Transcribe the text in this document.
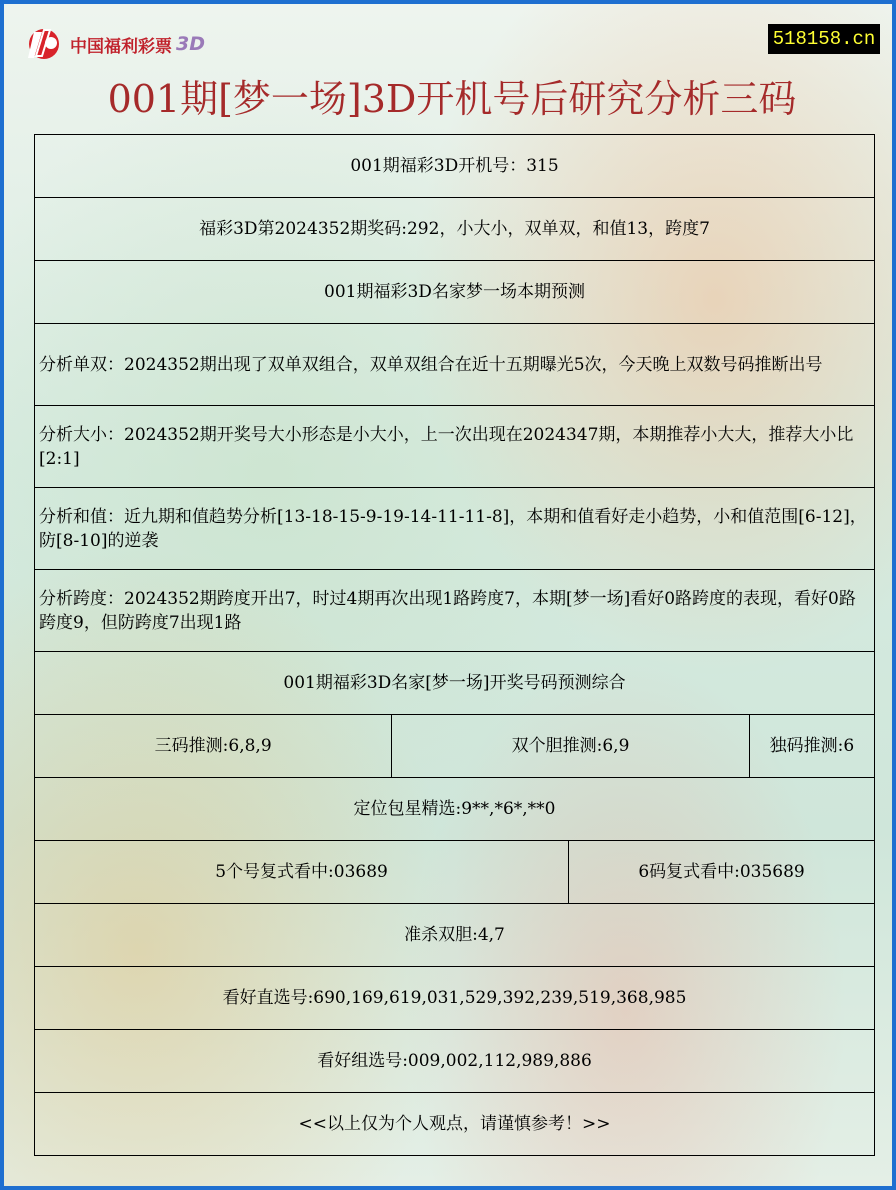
中国福利彩票 3D	518158.cn
001期[梦一场]3D开机号后研究分析三码
001期福彩3D开机号：315			
福彩3D第2024352期奖码:292，小大小，双单双，和值13，跨度7			
001期福彩3D名家梦一场本期预测			
分析单双：2024352期出现了双单双组合，双单双组合在近十五期曝光5次，今天晚上双数号码推断出号			
分析大小：2024352期开奖号大小形态是小大小，上一次出现在2024347期，本期推荐小大大，推荐大小比[2:1]			
分析和值：近九期和值趋势分析[13-18-15-9-19-14-11-11-8]，本期和值看好走小趋势，小和值范围[6-12]，防[8-10]的逆袭			
分析跨度：2024352期跨度开出7，时过4期再次出现1路跨度7，本期[梦一场]看好0路跨度的表现，看好0路跨度9，但防跨度7出现1路			
001期福彩3D名家[梦一场]开奖号码预测综合			
三码推测:6,8,9	双个胆推测:6,9		独码推测:6
定位包星精选:9**,*6*,**0			
5个号复式看中:03689		6码复式看中:035689	
准杀双胆:4,7			
看好直选号:690,169,619,031,529,392,239,519,368,985			
看好组选号:009,002,112,989,886			
<<以上仅为个人观点，请谨慎参考！>>			
